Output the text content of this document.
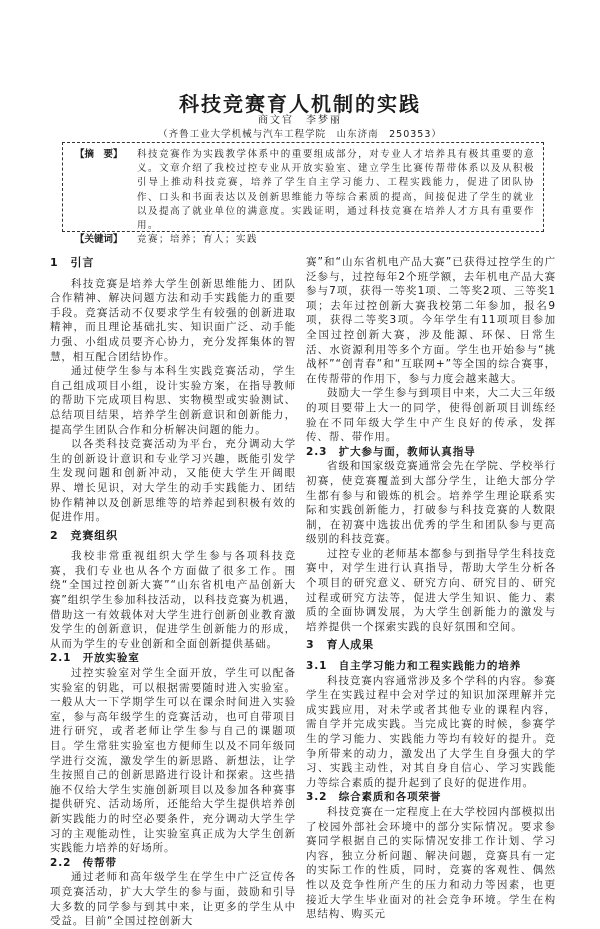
科技竞赛育人机制的实践
商文官　李梦丽
（齐鲁工业大学机械与汽车工程学院　山东济南　250353）
【摘　要】	科技竞赛作为实践教学体系中的重要组成部分，对专业人才培养具有极其重要的意义。文章介绍了我校过控专业从开放实验室、建立学生比赛传帮带体系以及从积极引导上推动科技竞赛，培养了学生自主学习能力、工程实践能力，促进了团队协作、口头和书面表达以及创新思维能力等综合素质的提高，间接促进了学生的就业以及提高了就业单位的满意度。实践证明，通过科技竞赛在培养人才方具有重要作用。
【关键词】	竞赛；培养；育人；实践
1　引言

科技竞赛是培养大学生创新思维能力、团队合作精神、解决问题方法和动手实践能力的重要手段。竞赛活动不仅要求学生有较强的创新进取精神，而且理论基础扎实、知识面广泛、动手能力强、小组成员要齐心协力，充分发挥集体的智慧，相互配合团结协作。

通过使学生参与本科生实践竞赛活动，学生自己组成项目小组，设计实验方案，在指导教师的帮助下完成项目构思、实物模型或实验测试、总结项目结果，培养学生创新意识和创新能力，提高学生团队合作和分析解决问题的能力。

以各类科技竞赛活动为平台，充分调动大学生的创新设计意识和专业学习兴趣，既能引发学生发现问题和创新冲动，又能使大学生开阔眼界、增长见识，对大学生的动手实践能力、团结协作精神以及创新思维等的培养起到积极有效的促进作用。

2　竞赛组织

我校非常重视组织大学生参与各项科技竞赛，我们专业也从各个方面做了很多工作。围绕“全国过控创新大赛”“山东省机电产品创新大赛”组织学生参加科技活动，以科技竞赛为机遇，借助这一有效载体对大学生进行创新创业教育激发学生的创新意识，促进学生创新能力的形成，从而为学生的专业创新和全面创新提供基础。

2.1　开放实验室

过控实验室对学生全面开放，学生可以配备实验室的钥匙，可以根据需要随时进入实验室。一般从大一下学期学生可以在课余时间进入实验室，参与高年级学生的竞赛活动，也可自带项目进行研究，或者老师让学生参与自己的课题项目。学生常驻实验室也方便师生以及不同年级同学进行交流，激发学生的新思路、新想法，让学生按照自己的创新思路进行设计和探索。这些措施不仅给大学生实施创新项目以及参加各种赛事提供研究、活动场所，还能给大学生提供培养创新实践能力的时空必要条件，充分调动大学生学习的主观能动性，让实验室真正成为大学生创新实践能力培养的好场所。

2.2　传帮带

通过老师和高年级学生在学生中广泛宣传各项竞赛活动，扩大大学生的参与面，鼓励和引导大多数的同学参与到其中来，让更多的学生从中受益。目前“全国过控创新大

赛”和“山东省机电产品大赛”已获得过控学生的广泛参与，过控每年2个班学额，去年机电产品大赛参与7项，获得一等奖1项、二等奖2项、三等奖1项；去年过控创新大赛我校第二年参加，报名9项，获得二等奖3项。今年学生有11项项目参加全国过控创新大赛，涉及能源、环保、日常生活、水资源利用等多个方面。学生也开始参与“挑战杯”“创青春”和“互联网+”等全国的综合赛事，在传帮带的作用下，参与力度会越来越大。

鼓励大一学生参与到项目中来，大二大三年级的项目要带上大一的同学，使得创新项目训练经验在不同年级大学生中产生良好的传承，发挥传、帮、带作用。

2.3　扩大参与面，教师认真指导

省级和国家级竞赛通常会先在学院、学校举行初赛，使竞赛覆盖到大部分学生，让绝大部分学生都有参与和锻炼的机会。培养学生理论联系实际和实践创新能力，打破参与科技竞赛的人数限制，在初赛中选拔出优秀的学生和团队参与更高级别的科技竞赛。

过控专业的老师基本都参与到指导学生科技竞赛中，对学生进行认真指导，帮助大学生分析各个项目的研究意义、研究方向、研究目的、研究过程或研究方法等，促进大学生知识、能力、素质的全面协调发展，为大学生创新能力的激发与培养提供一个探索实践的良好氛围和空间。

3　育人成果
3.1　自主学习能力和工程实践能力的培养

科技竞赛内容通常涉及多个学科的内容。参赛学生在实践过程中会对学过的知识加深理解并完成实践应用，对未学或者其他专业的课程内容，需自学并完成实践。当完成比赛的时候，参赛学生的学习能力、实践能力等均有较好的提升。竞争所带来的动力，激发出了大学生自身强大的学习、实践主动性，对其自身自信心、学习实践能力等综合素质的提升起到了良好的促进作用。

3.2　综合素质和各项荣誉

科技竞赛在一定程度上在大学校园内部模拟出了校园外部社会环境中的部分实际情况。要求参赛同学根据自己的实际情况安排工作计划、学习内容，独立分析问题、解决问题，竞赛具有一定的实际工作的性质，同时，竞赛的客观性、偶然性以及竞争性所产生的压力和动力等因素，也更接近大学生毕业面对的社会竞争环境。学生在构思结构、购买元
